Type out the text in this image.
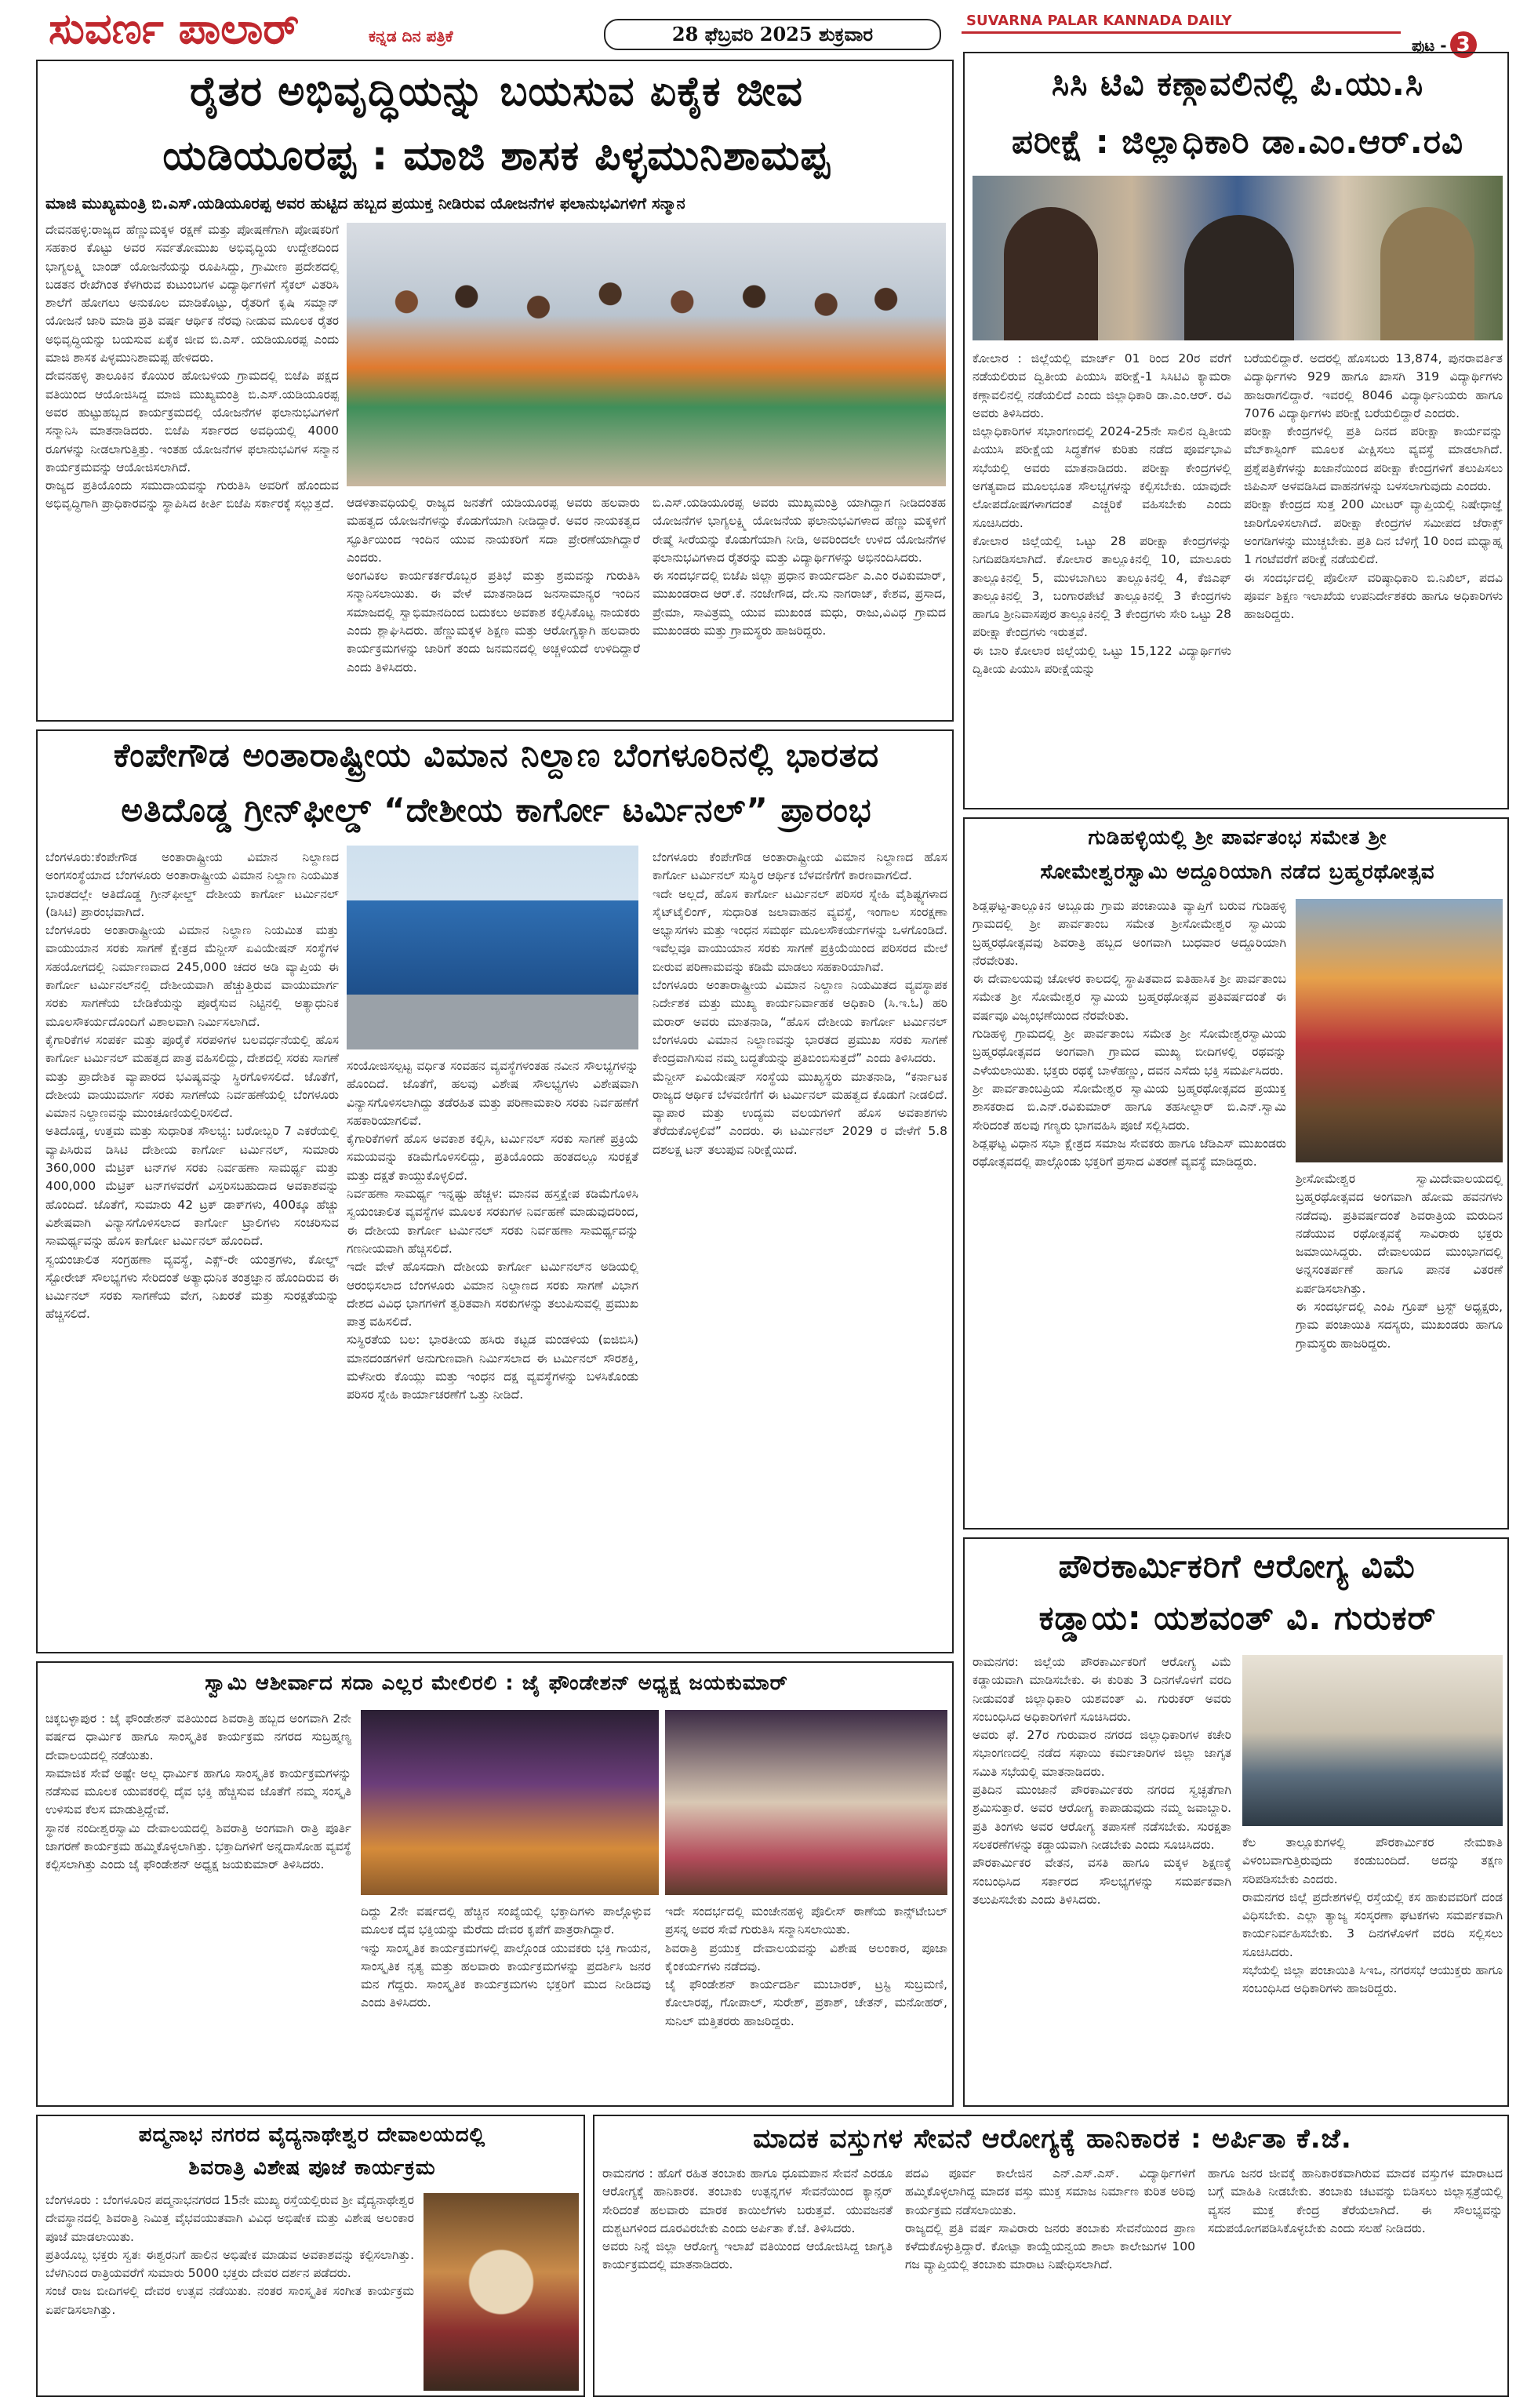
ಸುವರ್ಣ ಪಾಲಾರ್	ಕನ್ನಡ ದಿನ ಪತ್ರಿಕೆ	28 ಫೆಬ್ರವರಿ 2025 ಶುಕ್ರವಾರ
SUVARNA PALAR KANNADA DAILY
ಪುಟ - 3
ರೈತರ ಅಭಿವೃದ್ಧಿಯನ್ನು ಬಯಸುವ ಏಕೈಕ ಜೀವ
ಯಡಿಯೂರಪ್ಪ : ಮಾಜಿ ಶಾಸಕ ಪಿಳ್ಳಮುನಿಶಾಮಪ್ಪ
ಮಾಜಿ ಮುಖ್ಯಮಂತ್ರಿ ಬಿ.ಎಸ್.ಯಡಿಯೂರಪ್ಪ ಅವರ ಹುಟ್ಟಿದ ಹಬ್ಬದ ಪ್ರಯುಕ್ತ ನೀಡಿರುವ ಯೋಜನೆಗಳ ಫಲಾನುಭವಿಗಳಿಗೆ ಸನ್ಮಾನ
ದೇವನಹಳ್ಳಿ:ರಾಜ್ಯದ ಹೆಣ್ಣುಮಕ್ಕಳ ರಕ್ಷಣೆ ಮತ್ತು ಪೋಷಣೆಗಾಗಿ ಪೋಷಕರಿಗೆ ಸಹಕಾರ ಕೊಟ್ಟು ಅವರ ಸರ್ವತೋಮುಖ ಅಭಿವೃದ್ಧಿಯ ಉದ್ದೇಶದಿಂದ ಭಾಗ್ಯಲಕ್ಷ್ಮಿ ಬಾಂಡ್ ಯೋಜನೆಯನ್ನು ರೂಪಿಸಿದ್ದು, ಗ್ರಾಮೀಣ ಪ್ರದೇಶದಲ್ಲಿ ಬಡತನ ರೇಖೆಗಿಂತ ಕೆಳಗಿರುವ ಕುಟುಂಬಗಳ ವಿದ್ಯಾರ್ಥಿಗಳಿಗೆ ಸೈಕಲ್ ವಿತರಿಸಿ ಶಾಲೆಗೆ ಹೋಗಲು ಅನುಕೂಲ ಮಾಡಿಕೊಟ್ಟು, ರೈತರಿಗೆ ಕೃಷಿ ಸಮ್ಮಾನ್ ಯೋಜನೆ ಜಾರಿ ಮಾಡಿ ಪ್ರತಿ ವರ್ಷ ಆರ್ಥಿಕ ನೆರವು ನೀಡುವ ಮೂಲಕ ರೈತರ ಅಭಿವೃದ್ಧಿಯನ್ನು ಬಯಸುವ ಏಕೈಕ ಜೀವ ಬಿ.ಎಸ್. ಯಡಿಯೂರಪ್ಪ ಎಂದು ಮಾಜಿ ಶಾಸಕ ಪಿಳ್ಳಮುನಿಶಾಮಪ್ಪ ಹೇಳಿದರು.
ದೇವನಹಳ್ಳಿ ತಾಲೂಕಿನ ಕೊಯಿರ ಹೋಬಳಿಯ ಗ್ರಾಮದಲ್ಲಿ ಬಿಜೆಪಿ ಪಕ್ಷದ ವತಿಯಿಂದ ಆಯೋಜಿಸಿದ್ದ ಮಾಜಿ ಮುಖ್ಯಮಂತ್ರಿ ಬಿ.ಎಸ್.ಯಡಿಯೂರಪ್ಪ ಅವರ ಹುಟ್ಟುಹಬ್ಬದ ಕಾರ್ಯಕ್ರಮದಲ್ಲಿ ಯೋಜನೆಗಳ ಫಲಾನುಭವಿಗಳಿಗೆ ಸನ್ಮಾನಿಸಿ ಮಾತನಾಡಿದರು. ಬಿಜೆಪಿ ಸರ್ಕಾರದ ಅವಧಿಯಲ್ಲಿ 4000 ರೂಗಳನ್ನು ನೀಡಲಾಗುತ್ತಿತ್ತು. ಇಂತಹ ಯೋಜನೆಗಳ ಫಲಾನುಭವಿಗಳ ಸನ್ಮಾನ ಕಾರ್ಯಕ್ರಮವನ್ನು ಆಯೋಜಿಸಲಾಗಿದೆ.
ರಾಜ್ಯದ ಪ್ರತಿಯೊಂದು ಸಮುದಾಯವನ್ನು ಗುರುತಿಸಿ ಅವರಿಗೆ ಹೊಂದುವ ಅಭಿವೃದ್ಧಿಗಾಗಿ ಪ್ರಾಧಿಕಾರವನ್ನು ಸ್ಥಾಪಿಸಿದ ಕೀರ್ತಿ ಬಿಜೆಪಿ ಸರ್ಕಾರಕ್ಕೆ ಸಲ್ಲುತ್ತದೆ.	ಆಡಳಿತಾವಧಿಯಲ್ಲಿ ರಾಜ್ಯದ ಜನತೆಗೆ ಯಡಿಯೂರಪ್ಪ ಅವರು ಹಲವಾರು ಮಹತ್ವದ ಯೋಜನೆಗಳನ್ನು ಕೊಡುಗೆಯಾಗಿ ನೀಡಿದ್ದಾರೆ. ಅವರ ನಾಯಕತ್ವದ ಸ್ಫೂರ್ತಿಯಿಂದ ಇಂದಿನ ಯುವ ನಾಯಕರಿಗೆ ಸದಾ ಪ್ರೇರಣೆಯಾಗಿದ್ದಾರೆ ಎಂದರು.
ಅಂಗವಿಕಲ ಕಾರ್ಯಕರ್ತರೊಬ್ಬರ ಪ್ರತಿಭೆ ಮತ್ತು ಶ್ರಮವನ್ನು ಗುರುತಿಸಿ ಸನ್ಮಾನಿಸಲಾಯಿತು. ಈ ವೇಳೆ ಮಾತನಾಡಿದ ಜನಸಾಮಾನ್ಯರ ಇಂದಿನ ಸಮಾಜದಲ್ಲಿ ಸ್ವಾಭಿಮಾನದಿಂದ ಬದುಕಲು ಅವಕಾಶ ಕಲ್ಪಿಸಿಕೊಟ್ಟ ನಾಯಕರು ಎಂದು ಶ್ಲಾಘಿಸಿದರು. ಹೆಣ್ಣುಮಕ್ಕಳ ಶಿಕ್ಷಣ ಮತ್ತು ಆರೋಗ್ಯಕ್ಕಾಗಿ ಹಲವಾರು ಕಾರ್ಯಕ್ರಮಗಳನ್ನು ಜಾರಿಗೆ ತಂದು ಜನಮನದಲ್ಲಿ ಅಚ್ಚಳಿಯದೆ ಉಳಿದಿದ್ದಾರೆ ಎಂದು ತಿಳಿಸಿದರು.
ಬಿ.ಎಸ್.ಯಡಿಯೂರಪ್ಪ ಅವರು ಮುಖ್ಯಮಂತ್ರಿ ಯಾಗಿದ್ದಾಗ ನೀಡಿದಂತಹ ಯೋಜನೆಗಳ ಭಾಗ್ಯಲಕ್ಷ್ಮಿ ಯೋಜನೆಯ ಫಲಾನುಭವಿಗಳಾದ ಹೆಣ್ಣು ಮಕ್ಕಳಿಗೆ ರೇಷ್ಮೆ ಸೀರೆಯನ್ನು ಕೊಡುಗೆಯಾಗಿ ನೀಡಿ, ಅವರಿಂದಲೇ ಉಳಿದ ಯೋಜನೆಗಳ ಫಲಾನುಭವಿಗಳಾದ ರೈತರನ್ನು ಮತ್ತು ವಿದ್ಯಾರ್ಥಿಗಳನ್ನು ಅಭಿನಂದಿಸಿದರು.
ಈ ಸಂದರ್ಭದಲ್ಲಿ ಬಿಜೆಪಿ ಜಿಲ್ಲಾ ಪ್ರಧಾನ ಕಾರ್ಯದರ್ಶಿ ಎ.ಎಂ ರವಿಕುಮಾರ್, ಮುಖಂಡರಾದ ಆರ್.ಕೆ. ನಂಜೇಗೌಡ, ದೇ.ಸು ನಾಗರಾಜ್, ಕೇಶವ, ಪ್ರಸಾದ, ಪ್ರೇಮಾ, ಸಾವಿತ್ರಮ್ಮ ಯುವ ಮುಖಂಡ ಮಧು, ರಾಜು,ವಿವಿಧ ಗ್ರಾಮದ ಮುಖಂಡರು ಮತ್ತು ಗ್ರಾಮಸ್ಥರು ಹಾಜರಿದ್ದರು.
ಸಿಸಿ ಟಿವಿ ಕಣ್ಗಾವಲಿನಲ್ಲಿ ಪಿ.ಯು.ಸಿ
ಪರೀಕ್ಷೆ : ಜಿಲ್ಲಾಧಿಕಾರಿ ಡಾ.ಎಂ.ಆರ್.ರವಿ
ಕೋಲಾರ : ಜಿಲ್ಲೆಯಲ್ಲಿ ಮಾರ್ಚ್ 01 ರಿಂದ 20ರ ವರೆಗೆ ನಡೆಯಲಿರುವ ದ್ವಿತೀಯ ಪಿಯುಸಿ ಪರೀಕ್ಷೆ-1 ಸಿಸಿಟಿವಿ ಕ್ಯಾಮರಾ ಕಣ್ಗಾವಲಿನಲ್ಲಿ ನಡೆಯಲಿದೆ ಎಂದು ಜಿಲ್ಲಾಧಿಕಾರಿ ಡಾ.ಎಂ.ಆರ್. ರವಿ ಅವರು ತಿಳಿಸಿದರು.
ಜಿಲ್ಲಾಧಿಕಾರಿಗಳ ಸಭಾಂಗಣದಲ್ಲಿ 2024-25ನೇ ಸಾಲಿನ ದ್ವಿತೀಯ ಪಿಯುಸಿ ಪರೀಕ್ಷೆಯ ಸಿದ್ಧತೆಗಳ ಕುರಿತು ನಡೆದ ಪೂರ್ವಭಾವಿ ಸಭೆಯಲ್ಲಿ ಅವರು ಮಾತನಾಡಿದರು. ಪರೀಕ್ಷಾ ಕೇಂದ್ರಗಳಲ್ಲಿ ಅಗತ್ಯವಾದ ಮೂಲಭೂತ ಸೌಲಭ್ಯಗಳನ್ನು ಕಲ್ಪಿಸಬೇಕು. ಯಾವುದೇ ಲೋಪದೋಷಗಳಾಗದಂತೆ ಎಚ್ಚರಿಕೆ ವಹಿಸಬೇಕು ಎಂದು ಸೂಚಿಸಿದರು.
ಕೋಲಾರ ಜಿಲ್ಲೆಯಲ್ಲಿ ಒಟ್ಟು 28 ಪರೀಕ್ಷಾ ಕೇಂದ್ರಗಳನ್ನು ನಿಗದಿಪಡಿಸಲಾಗಿದೆ. ಕೋಲಾರ ತಾಲ್ಲೂಕಿನಲ್ಲಿ 10, ಮಾಲೂರು ತಾಲ್ಲೂಕಿನಲ್ಲಿ 5, ಮುಳಬಾಗಿಲು ತಾಲ್ಲೂಕಿನಲ್ಲಿ 4, ಕೆಜಿಎಫ್ ತಾಲ್ಲೂಕಿನಲ್ಲಿ 3, ಬಂಗಾರಪೇಟೆ ತಾಲ್ಲೂಕಿನಲ್ಲಿ 3 ಕೇಂದ್ರಗಳು ಹಾಗೂ ಶ್ರೀನಿವಾಸಪುರ ತಾಲ್ಲೂಕಿನಲ್ಲಿ 3 ಕೇಂದ್ರಗಳು ಸೇರಿ ಒಟ್ಟು 28 ಪರೀಕ್ಷಾ ಕೇಂದ್ರಗಳು ಇರುತ್ತವೆ.
ಈ ಬಾರಿ ಕೋಲಾರ ಜಿಲ್ಲೆಯಲ್ಲಿ ಒಟ್ಟು 15,122 ವಿದ್ಯಾರ್ಥಿಗಳು ದ್ವಿತೀಯ ಪಿಯುಸಿ ಪರೀಕ್ಷೆಯನ್ನು
ಬರೆಯಲಿದ್ದಾರೆ. ಅದರಲ್ಲಿ ಹೊಸಬರು 13,874, ಪುನರಾವರ್ತಿತ ವಿದ್ಯಾರ್ಥಿಗಳು 929 ಹಾಗೂ ಖಾಸಗಿ 319 ವಿದ್ಯಾರ್ಥಿಗಳು ಹಾಜರಾಗಲಿದ್ದಾರೆ. ಇವರಲ್ಲಿ 8046 ವಿದ್ಯಾರ್ಥಿನಿಯರು ಹಾಗೂ 7076 ವಿದ್ಯಾರ್ಥಿಗಳು ಪರೀಕ್ಷೆ ಬರೆಯಲಿದ್ದಾರೆ ಎಂದರು.
ಪರೀಕ್ಷಾ ಕೇಂದ್ರಗಳಲ್ಲಿ ಪ್ರತಿ ದಿನದ ಪರೀಕ್ಷಾ ಕಾರ್ಯವನ್ನು ವೆಬ್‌ಕಾಸ್ಟಿಂಗ್ ಮೂಲಕ ವೀಕ್ಷಿಸಲು ವ್ಯವಸ್ಥೆ ಮಾಡಲಾಗಿದೆ. ಪ್ರಶ್ನೆಪತ್ರಿಕೆಗಳನ್ನು ಖಜಾನೆಯಿಂದ ಪರೀಕ್ಷಾ ಕೇಂದ್ರಗಳಿಗೆ ತಲುಪಿಸಲು ಜಿಪಿಎಸ್ ಅಳವಡಿಸಿದ ವಾಹನಗಳನ್ನು ಬಳಸಲಾಗುವುದು ಎಂದರು.
ಪರೀಕ್ಷಾ ಕೇಂದ್ರದ ಸುತ್ತ 200 ಮೀಟರ್ ವ್ಯಾಪ್ತಿಯಲ್ಲಿ ನಿಷೇಧಾಜ್ಞೆ ಜಾರಿಗೊಳಿಸಲಾಗಿದೆ. ಪರೀಕ್ಷಾ ಕೇಂದ್ರಗಳ ಸಮೀಪದ ಜೆರಾಕ್ಸ್ ಅಂಗಡಿಗಳನ್ನು ಮುಚ್ಚಬೇಕು. ಪ್ರತಿ ದಿನ ಬೆಳಿಗ್ಗೆ 10 ರಿಂದ ಮಧ್ಯಾಹ್ನ 1 ಗಂಟೆವರೆಗೆ ಪರೀಕ್ಷೆ ನಡೆಯಲಿದೆ.
ಈ ಸಂದರ್ಭದಲ್ಲಿ ಪೊಲೀಸ್ ವರಿಷ್ಠಾಧಿಕಾರಿ ಬಿ.ನಿಖಿಲ್, ಪದವಿ ಪೂರ್ವ ಶಿಕ್ಷಣ ಇಲಾಖೆಯ ಉಪನಿರ್ದೇಶಕರು ಹಾಗೂ ಅಧಿಕಾರಿಗಳು ಹಾಜರಿದ್ದರು.
ಕೆಂಪೇಗೌಡ ಅಂತಾರಾಷ್ಟ್ರೀಯ ವಿಮಾನ ನಿಲ್ದಾಣ ಬೆಂಗಳೂರಿನಲ್ಲಿ ಭಾರತದ
ಅತಿದೊಡ್ಡ ಗ್ರೀನ್‌ಫೀಲ್ಡ್ “ದೇಶೀಯ ಕಾರ್ಗೋ ಟರ್ಮಿನಲ್” ಪ್ರಾರಂಭ
ಬೆಂಗಳೂರು:ಕೆಂಪೇಗೌಡ ಅಂತಾರಾಷ್ಟ್ರೀಯ ವಿಮಾನ ನಿಲ್ದಾಣದ ಅಂಗಸಂಸ್ಥೆಯಾದ ಬೆಂಗಳೂರು ಅಂತಾರಾಷ್ಟ್ರೀಯ ವಿಮಾನ ನಿಲ್ದಾಣ ನಿಯಮಿತ ಭಾರತದಲ್ಲೇ ಅತಿದೊಡ್ಡ ಗ್ರೀನ್‌ಫೀಲ್ಡ್ ದೇಶೀಯ ಕಾರ್ಗೋ ಟರ್ಮಿನಲ್ (ಡಿಸಿಟಿ) ಪ್ರಾರಂಭವಾಗಿದೆ.
ಬೆಂಗಳೂರು ಅಂತಾರಾಷ್ಟ್ರೀಯ ವಿಮಾನ ನಿಲ್ದಾಣ ನಿಯಮಿತ ಮತ್ತು ವಾಯುಯಾನ ಸರಕು ಸಾಗಣೆ ಕ್ಷೇತ್ರದ ಮೆನ್ಜೀಸ್ ಏವಿಯೇಷನ್ ಸಂಸ್ಥೆಗಳ ಸಹಯೋಗದಲ್ಲಿ ನಿರ್ಮಾಣವಾದ 245,000 ಚದರ ಅಡಿ ವ್ಯಾಪ್ತಿಯ ಈ ಕಾರ್ಗೋ ಟರ್ಮಿನಲ್‌ನಲ್ಲಿ ದೇಶೀಯವಾಗಿ ಹೆಚ್ಚುತ್ತಿರುವ ವಾಯುಮಾರ್ಗ ಸರಕು ಸಾಗಣೆಯ ಬೇಡಿಕೆಯನ್ನು ಪೂರೈಸುವ ನಿಟ್ಟಿನಲ್ಲಿ ಅತ್ಯಾಧುನಿಕ ಮೂಲಸೌಕರ್ಯದೊಂದಿಗೆ ವಿಶಾಲವಾಗಿ ನಿರ್ಮಿಸಲಾಗಿದೆ.
ಕೈಗಾರಿಕೆಗಳ ಸಂಪರ್ಕ ಮತ್ತು ಪೂರೈಕೆ ಸರಪಳಿಗಳ ಬಲವರ್ಧನೆಯಲ್ಲಿ ಹೊಸ ಕಾರ್ಗೋ ಟರ್ಮಿನಲ್ ಮಹತ್ವದ ಪಾತ್ರ ವಹಿಸಲಿದ್ದು, ದೇಶದಲ್ಲಿ ಸರಕು ಸಾಗಣೆ ಮತ್ತು ಪ್ರಾದೇಶಿಕ ವ್ಯಾಪಾರದ ಭವಿಷ್ಯವನ್ನು ಸ್ಥಿರಗೊಳಿಸಲಿದೆ. ಜೊತೆಗೆ, ದೇಶೀಯ ವಾಯುಮಾರ್ಗ ಸರಕು ಸಾಗಣೆಯ ನಿರ್ವಹಣೆಯಲ್ಲಿ ಬೆಂಗಳೂರು ವಿಮಾನ ನಿಲ್ದಾಣವನ್ನು ಮುಂಚೂಣಿಯಲ್ಲಿರಿಸಲಿದೆ.
ಅತಿದೊಡ್ಡ, ಉತ್ತಮ ಮತ್ತು ಸುಧಾರಿತ ಸೌಲಭ್ಯ: ಬರೋಬ್ಬರಿ 7 ಎಕರೆಯಲ್ಲಿ ವ್ಯಾಪಿಸಿರುವ ಡಿಸಿಟಿ ದೇಶೀಯ ಕಾರ್ಗೋ ಟರ್ಮಿನಲ್, ಸುಮಾರು 360,000 ಮೆಟ್ರಿಕ್ ಟನ್‌ಗಳ ಸರಕು ನಿರ್ವಹಣಾ ಸಾಮರ್ಥ್ಯ ಮತ್ತು 400,000 ಮೆಟ್ರಿಕ್ ಟನ್‌ಗಳವರೆಗೆ ವಿಸ್ತರಿಸಬಹುದಾದ ಅವಕಾಶವನ್ನು ಹೊಂದಿದೆ. ಜೊತೆಗೆ, ಸುಮಾರು 42 ಟ್ರಕ್ ಡಾಕ್‌ಗಳು, 400ಕ್ಕೂ ಹೆಚ್ಚು ವಿಶೇಷವಾಗಿ ವಿನ್ಯಾಸಗೊಳಿಸಲಾದ ಕಾರ್ಗೋ ಟ್ರಾಲಿಗಳು ಸಂಚರಿಸುವ ಸಾಮರ್ಥ್ಯವನ್ನು ಹೊಸ ಕಾರ್ಗೋ ಟರ್ಮಿನಲ್ ಹೊಂದಿದೆ.
ಸ್ವಯಂಚಾಲಿತ ಸಂಗ್ರಹಣಾ ವ್ಯವಸ್ಥೆ, ಎಕ್ಸ್‌-ರೇ ಯಂತ್ರಗಳು, ಕೋಲ್ಡ್ ಸ್ಟೋರೇಜ್ ಸೌಲಭ್ಯಗಳು ಸೇರಿದಂತೆ ಅತ್ಯಾಧುನಿಕ ತಂತ್ರಜ್ಞಾನ ಹೊಂದಿರುವ ಈ ಟರ್ಮಿನಲ್ ಸರಕು ಸಾಗಣೆಯ ವೇಗ, ನಿಖರತೆ ಮತ್ತು ಸುರಕ್ಷತೆಯನ್ನು ಹೆಚ್ಚಿಸಲಿದೆ.
ಸಂಯೋಜಿಸಲ್ಪಟ್ಟ ವರ್ಧಿತ ಸಂವಹನ ವ್ಯವಸ್ಥೆಗಳಂತಹ ನವೀನ ಸೌಲಭ್ಯಗಳನ್ನು ಹೊಂದಿದೆ. ಜೊತೆಗೆ, ಹಲವು ವಿಶೇಷ ಸೌಲಭ್ಯಗಳು ವಿಶೇಷವಾಗಿ ವಿನ್ಯಾಸಗೊಳಿಸಲಾಗಿದ್ದು ತಡೆರಹಿತ ಮತ್ತು ಪರಿಣಾಮಕಾರಿ ಸರಕು ನಿರ್ವಹಣೆಗೆ ಸಹಕಾರಿಯಾಗಲಿವೆ.
ಕೈಗಾರಿಕೆಗಳಿಗೆ ಹೊಸ ಅವಕಾಶ ಕಲ್ಪಿಸಿ, ಟರ್ಮಿನಲ್ ಸರಕು ಸಾಗಣೆ ಪ್ರಕ್ರಿಯೆ ಸಮಯವನ್ನು ಕಡಿಮೆಗೊಳಿಸಲಿದ್ದು, ಪ್ರತಿಯೊಂದು ಹಂತದಲ್ಲೂ ಸುರಕ್ಷತೆ ಮತ್ತು ದಕ್ಷತೆ ಕಾಯ್ದುಕೊಳ್ಳಲಿದೆ.
ನಿರ್ವಹಣಾ ಸಾಮರ್ಥ್ಯ ಇನ್ನಷ್ಟು ಹೆಚ್ಚಳ: ಮಾನವ ಹಸ್ತಕ್ಷೇಪ ಕಡಿಮೆಗೊಳಿಸಿ ಸ್ವಯಂಚಾಲಿತ ವ್ಯವಸ್ಥೆಗಳ ಮೂಲಕ ಸರಕುಗಳ ನಿರ್ವಹಣೆ ಮಾಡುವುದರಿಂದ, ಈ ದೇಶೀಯ ಕಾರ್ಗೋ ಟರ್ಮಿನಲ್ ಸರಕು ನಿರ್ವಹಣಾ ಸಾಮರ್ಥ್ಯವನ್ನು ಗಣನೀಯವಾಗಿ ಹೆಚ್ಚಿಸಲಿದೆ.
ಇದೇ ವೇಳೆ ಹೊಸದಾಗಿ ದೇಶೀಯ ಕಾರ್ಗೋ ಟರ್ಮಿನಲ್‌ನ ಅಡಿಯಲ್ಲಿ ಆರಂಭಿಸಲಾದ ಬೆಂಗಳೂರು ವಿಮಾನ ನಿಲ್ದಾಣದ ಸರಕು ಸಾಗಣೆ ವಿಭಾಗ ದೇಶದ ವಿವಿಧ ಭಾಗಗಳಿಗೆ ತ್ವರಿತವಾಗಿ ಸರಕುಗಳನ್ನು ತಲುಪಿಸುವಲ್ಲಿ ಪ್ರಮುಖ ಪಾತ್ರ ವಹಿಸಲಿದೆ.
ಸುಸ್ಥಿರತೆಯ ಬಲ: ಭಾರತೀಯ ಹಸಿರು ಕಟ್ಟಡ ಮಂಡಳಿಯ (ಐಜಿಬಿಸಿ) ಮಾನದಂಡಗಳಿಗೆ ಅನುಗುಣವಾಗಿ ನಿರ್ಮಿಸಲಾದ ಈ ಟರ್ಮಿನಲ್ ಸೌರಶಕ್ತಿ, ಮಳೆನೀರು ಕೊಯ್ಲು ಮತ್ತು ಇಂಧನ ದಕ್ಷ ವ್ಯವಸ್ಥೆಗಳನ್ನು ಬಳಸಿಕೊಂಡು ಪರಿಸರ ಸ್ನೇಹಿ ಕಾರ್ಯಾಚರಣೆಗೆ ಒತ್ತು ನೀಡಿದೆ.
ಬೆಂಗಳೂರು ಕೆಂಪೇಗೌಡ ಅಂತಾರಾಷ್ಟ್ರೀಯ ವಿಮಾನ ನಿಲ್ದಾಣದ ಹೊಸ ಕಾರ್ಗೋ ಟರ್ಮಿನಲ್ ಸುಸ್ಥಿರ ಆರ್ಥಿಕ ಬೆಳವಣಿಗೆಗೆ ಕಾರಣವಾಗಲಿದೆ.
ಇದೇ ಅಲ್ಲದೆ, ಹೊಸ ಕಾರ್ಗೋ ಟರ್ಮಿನಲ್ ಪರಿಸರ ಸ್ನೇಹಿ ವೈಶಿಷ್ಟ್ಯಗಳಾದ ಸೈಟ್‌ಟೈಲಿಂಗ್, ಸುಧಾರಿತ ಜಲಾವಾಹನ ವ್ಯವಸ್ಥೆ, ಇಂಗಾಲ ಸಂರಕ್ಷಣಾ ಅಭ್ಯಾಸಗಳು ಮತ್ತು ಇಂಧನ ಸಮರ್ಥ ಮೂಲಸೌಕರ್ಯಗಳನ್ನು ಒಳಗೊಂಡಿದೆ. ಇವೆಲ್ಲವೂ ವಾಯುಯಾನ ಸರಕು ಸಾಗಣೆ ಪ್ರಕ್ರಿಯೆಯಿಂದ ಪರಿಸರದ ಮೇಲೆ ಬೀರುವ ಪರಿಣಾಮವನ್ನು ಕಡಿಮೆ ಮಾಡಲು ಸಹಕಾರಿಯಾಗಿವೆ.
ಬೆಂಗಳೂರು ಅಂತಾರಾಷ್ಟ್ರೀಯ ವಿಮಾನ ನಿಲ್ದಾಣ ನಿಯಮಿತದ ವ್ಯವಸ್ಥಾಪಕ ನಿರ್ದೇಶಕ ಮತ್ತು ಮುಖ್ಯ ಕಾರ್ಯನಿರ್ವಾಹಕ ಅಧಿಕಾರಿ (ಸಿ.ಇ.ಓ) ಹರಿ ಮರಾರ್ ಅವರು ಮಾತನಾಡಿ, “ಹೊಸ ದೇಶೀಯ ಕಾರ್ಗೋ ಟರ್ಮಿನಲ್ ಬೆಂಗಳೂರು ವಿಮಾನ ನಿಲ್ದಾಣವನ್ನು ಭಾರತದ ಪ್ರಮುಖ ಸರಕು ಸಾಗಣೆ ಕೇಂದ್ರವಾಗಿಸುವ ನಮ್ಮ ಬದ್ಧತೆಯನ್ನು ಪ್ರತಿಬಿಂಬಿಸುತ್ತದೆ” ಎಂದು ತಿಳಿಸಿದರು.
ಮೆನ್ಜೀಸ್ ಏವಿಯೇಷನ್ ಸಂಸ್ಥೆಯ ಮುಖ್ಯಸ್ಥರು ಮಾತನಾಡಿ, “ಕರ್ನಾಟಕ ರಾಜ್ಯದ ಆರ್ಥಿಕ ಬೆಳವಣಿಗೆಗೆ ಈ ಟರ್ಮಿನಲ್ ಮಹತ್ವದ ಕೊಡುಗೆ ನೀಡಲಿದೆ. ವ್ಯಾಪಾರ ಮತ್ತು ಉದ್ಯಮ ವಲಯಗಳಿಗೆ ಹೊಸ ಅವಕಾಶಗಳು ತೆರೆದುಕೊಳ್ಳಲಿವೆ” ಎಂದರು. ಈ ಟರ್ಮಿನಲ್ 2029 ರ ವೇಳೆಗೆ 5.8 ದಶಲಕ್ಷ ಟನ್ ತಲುಪುವ ನಿರೀಕ್ಷೆಯಿದೆ.
ಗುಡಿಹಳ್ಳಿಯಲ್ಲಿ ಶ್ರೀ ಪಾರ್ವತಂಭ ಸಮೇತ ಶ್ರೀ
ಸೋಮೇಶ್ವರಸ್ವಾಮಿ ಅದ್ದೂರಿಯಾಗಿ ನಡೆದ ಬ್ರಹ್ಮರಥೋತ್ಸವ
ಶಿಡ್ಲಘಟ್ಟ-ತಾಲ್ಲೂಕಿನ ಅಬ್ಲೂಡು ಗ್ರಾಮ ಪಂಚಾಯಿತಿ ವ್ಯಾಪ್ತಿಗೆ ಬರುವ ಗುಡಿಹಳ್ಳಿ ಗ್ರಾಮದಲ್ಲಿ ಶ್ರೀ ಪಾರ್ವತಾಂಬ ಸಮೇತ ಶ್ರೀಸೋಮೇಶ್ವರ ಸ್ವಾಮಿಯ ಬ್ರಹ್ಮರಥೋತ್ಸವವು ಶಿವರಾತ್ರಿ ಹಬ್ಬದ ಅಂಗವಾಗಿ ಬುಧವಾರ ಅದ್ದೂರಿಯಾಗಿ ನೆರವೇರಿತು.
ಈ ದೇವಾಲಯವು ಚೋಳರ ಕಾಲದಲ್ಲಿ ಸ್ಥಾಪಿತವಾದ ಐತಿಹಾಸಿಕ ಶ್ರೀ ಪಾರ್ವತಾಂಬ ಸಮೇತ ಶ್ರೀ ಸೋಮೇಶ್ವರ ಸ್ವಾಮಿಯ ಬ್ರಹ್ಮರಥೋತ್ಸವ ಪ್ರತಿವರ್ಷದಂತೆ ಈ ವರ್ಷವೂ ವಿಜೃಂಭಣೆಯಿಂದ ನೆರವೇರಿತು.
ಗುಡಿಹಳ್ಳಿ ಗ್ರಾಮದಲ್ಲಿ ಶ್ರೀ ಪಾರ್ವತಾಂಬ ಸಮೇತ ಶ್ರೀ ಸೋಮೇಶ್ವರಸ್ವಾಮಿಯ ಬ್ರಹ್ಮರಥೋತ್ಸವದ ಅಂಗವಾಗಿ ಗ್ರಾಮದ ಮುಖ್ಯ ಬೀದಿಗಳಲ್ಲಿ ರಥವನ್ನು ಎಳೆಯಲಾಯಿತು. ಭಕ್ತರು ರಥಕ್ಕೆ ಬಾಳೆಹಣ್ಣು, ದವನ ಎಸೆದು ಭಕ್ತಿ ಸಮರ್ಪಿಸಿದರು.
ಶ್ರೀ ಪಾರ್ವತಾಂಬಪ್ರಿಯ ಸೋಮೇಶ್ವರ ಸ್ವಾಮಿಯ ಬ್ರಹ್ಮರಥೋತ್ಸವದ ಪ್ರಯುಕ್ತ ಶಾಸಕರಾದ ಬಿ.ಎನ್.ರವಿಕುಮಾರ್ ಹಾಗೂ ತಹಸೀಲ್ದಾರ್ ಬಿ.ಎನ್.ಸ್ವಾಮಿ ಸೇರಿದಂತೆ ಹಲವು ಗಣ್ಯರು ಭಾಗವಹಿಸಿ ಪೂಜೆ ಸಲ್ಲಿಸಿದರು.
ಶಿಡ್ಲಘಟ್ಟ ವಿಧಾನ ಸಭಾ ಕ್ಷೇತ್ರದ ಸಮಾಜ ಸೇವಕರು ಹಾಗೂ ಜೆಡಿಎಸ್ ಮುಖಂಡರು ರಥೋತ್ಸವದಲ್ಲಿ ಪಾಲ್ಗೊಂಡು ಭಕ್ತರಿಗೆ ಪ್ರಸಾದ ವಿತರಣೆ ವ್ಯವಸ್ಥೆ ಮಾಡಿದ್ದರು.
ಶ್ರೀಸೋಮೇಶ್ವರ ಸ್ವಾಮಿದೇವಾಲಯದಲ್ಲಿ ಬ್ರಹ್ಮರಥೋತ್ಸವದ ಅಂಗವಾಗಿ ಹೋಮ ಹವನಗಳು ನಡೆದವು. ಪ್ರತಿವರ್ಷದಂತೆ ಶಿವರಾತ್ರಿಯ ಮರುದಿನ ನಡೆಯುವ ರಥೋತ್ಸವಕ್ಕೆ ಸಾವಿರಾರು ಭಕ್ತರು ಜಮಾಯಿಸಿದ್ದರು. ದೇವಾಲಯದ ಮುಂಭಾಗದಲ್ಲಿ ಅನ್ನಸಂತರ್ಪಣೆ ಹಾಗೂ ಪಾನಕ ವಿತರಣೆ ಏರ್ಪಡಿಸಲಾಗಿತ್ತು.
ಈ ಸಂದರ್ಭದಲ್ಲಿ ಎಂಪಿ ಗ್ರೂಪ್ ಟ್ರಸ್ಟ್ ಅಧ್ಯಕ್ಷರು, ಗ್ರಾಮ ಪಂಚಾಯಿತಿ ಸದಸ್ಯರು, ಮುಖಂಡರು ಹಾಗೂ ಗ್ರಾಮಸ್ಥರು ಹಾಜರಿದ್ದರು.
ಪೌರಕಾರ್ಮಿಕರಿಗೆ ಆರೋಗ್ಯ ವಿಮೆ
ಕಡ್ಡಾಯ: ಯಶವಂತ್ ವಿ. ಗುರುಕರ್
ರಾಮನಗರ: ಜಿಲ್ಲೆಯ ಪೌರಕಾರ್ಮಿಕರಿಗೆ ಆರೋಗ್ಯ ವಿಮೆ ಕಡ್ಡಾಯವಾಗಿ ಮಾಡಿಸಬೇಕು. ಈ ಕುರಿತು 3 ದಿನಗಳೊಳಗೆ ವರದಿ ನೀಡುವಂತೆ ಜಿಲ್ಲಾಧಿಕಾರಿ ಯಶವಂತ್ ವಿ. ಗುರುಕರ್ ಅವರು ಸಂಬಂಧಿಸಿದ ಅಧಿಕಾರಿಗಳಿಗೆ ಸೂಚಿಸಿದರು.
ಅವರು ಫೆ. 27ರ ಗುರುವಾರ ನಗರದ ಜಿಲ್ಲಾಧಿಕಾರಿಗಳ ಕಚೇರಿ ಸಭಾಂಗಣದಲ್ಲಿ ನಡೆದ ಸಫಾಯಿ ಕರ್ಮಚಾರಿಗಳ ಜಿಲ್ಲಾ ಜಾಗೃತ ಸಮಿತಿ ಸಭೆಯಲ್ಲಿ ಮಾತನಾಡಿದರು.
ಪ್ರತಿದಿನ ಮುಂಜಾನೆ ಪೌರಕಾರ್ಮಿಕರು ನಗರದ ಸ್ವಚ್ಛತೆಗಾಗಿ ಶ್ರಮಿಸುತ್ತಾರೆ. ಅವರ ಆರೋಗ್ಯ ಕಾಪಾಡುವುದು ನಮ್ಮ ಜವಾಬ್ದಾರಿ. ಪ್ರತಿ ತಿಂಗಳು ಅವರ ಆರೋಗ್ಯ ತಪಾಸಣೆ ನಡೆಸಬೇಕು. ಸುರಕ್ಷತಾ ಸಲಕರಣೆಗಳನ್ನು ಕಡ್ಡಾಯವಾಗಿ ನೀಡಬೇಕು ಎಂದು ಸೂಚಿಸಿದರು.
ಪೌರಕಾರ್ಮಿಕರ ವೇತನ, ವಸತಿ ಹಾಗೂ ಮಕ್ಕಳ ಶಿಕ್ಷಣಕ್ಕೆ ಸಂಬಂಧಿಸಿದ ಸರ್ಕಾರದ ಸೌಲಭ್ಯಗಳನ್ನು ಸಮರ್ಪಕವಾಗಿ ತಲುಪಿಸಬೇಕು ಎಂದು ತಿಳಿಸಿದರು.
ಕೆಲ ತಾಲ್ಲೂಕುಗಳಲ್ಲಿ ಪೌರಕಾರ್ಮಿಕರ ನೇಮಕಾತಿ ವಿಳಂಬವಾಗುತ್ತಿರುವುದು ಕಂಡುಬಂದಿದೆ. ಅದನ್ನು ತಕ್ಷಣ ಸರಿಪಡಿಸಬೇಕು ಎಂದರು.
ರಾಮನಗರ ಜಿಲ್ಲೆ ಪ್ರದೇಶಗಳಲ್ಲಿ ರಸ್ತೆಯಲ್ಲಿ ಕಸ ಹಾಕುವವರಿಗೆ ದಂಡ ವಿಧಿಸಬೇಕು. ಎಲ್ಲಾ ತ್ಯಾಜ್ಯ ಸಂಸ್ಕರಣಾ ಘಟಕಗಳು ಸಮರ್ಪಕವಾಗಿ ಕಾರ್ಯನಿರ್ವಹಿಸಬೇಕು. 3 ದಿನಗಳೊಳಗೆ ವರದಿ ಸಲ್ಲಿಸಲು ಸೂಚಿಸಿದರು.
ಸಭೆಯಲ್ಲಿ ಜಿಲ್ಲಾ ಪಂಚಾಯಿತಿ ಸಿಇಒ, ನಗರಸಭೆ ಆಯುಕ್ತರು ಹಾಗೂ ಸಂಬಂಧಿಸಿದ ಅಧಿಕಾರಿಗಳು ಹಾಜರಿದ್ದರು.
ಸ್ವಾಮಿ ಆಶೀರ್ವಾದ ಸದಾ ಎಲ್ಲರ ಮೇಲಿರಲಿ : ಜೈ ಫೌಂಡೇಶನ್ ಅಧ್ಯಕ್ಷ ಜಯಕುಮಾರ್
ಚಿಕ್ಕಬಳ್ಳಾಪುರ : ಜೈ ಫೌಂಡೇಶನ್ ವತಿಯಿಂದ ಶಿವರಾತ್ರಿ ಹಬ್ಬದ ಅಂಗವಾಗಿ 2ನೇ ವರ್ಷದ ಧಾರ್ಮಿಕ ಹಾಗೂ ಸಾಂಸ್ಕೃತಿಕ ಕಾರ್ಯಕ್ರಮ ನಗರದ ಸುಬ್ರಹ್ಮಣ್ಯ ದೇವಾಲಯದಲ್ಲಿ ನಡೆಯಿತು.
ಸಾಮಾಜಿಕ ಸೇವೆ ಅಷ್ಟೇ ಅಲ್ಲ ಧಾರ್ಮಿಕ ಹಾಗೂ ಸಾಂಸ್ಕೃತಿಕ ಕಾರ್ಯಕ್ರಮಗಳನ್ನು ನಡೆಸುವ ಮೂಲಕ ಯುವಕರಲ್ಲಿ ದೈವ ಭಕ್ತಿ ಹೆಚ್ಚಿಸುವ ಜೊತೆಗೆ ನಮ್ಮ ಸಂಸ್ಕೃತಿ ಉಳಿಸುವ ಕೆಲಸ ಮಾಡುತ್ತಿದ್ದೇವೆ.
ಸ್ಥಾನಕ ನಂದೀಶ್ವರಸ್ವಾಮಿ ದೇವಾಲಯದಲ್ಲಿ ಶಿವರಾತ್ರಿ ಅಂಗವಾಗಿ ರಾತ್ರಿ ಪೂರ್ತಿ ಜಾಗರಣೆ ಕಾರ್ಯಕ್ರಮ ಹಮ್ಮಿಕೊಳ್ಳಲಾಗಿತ್ತು. ಭಕ್ತಾದಿಗಳಿಗೆ ಅನ್ನದಾಸೋಹ ವ್ಯವಸ್ಥೆ ಕಲ್ಪಿಸಲಾಗಿತ್ತು ಎಂದು ಜೈ ಫೌಂಡೇಶನ್ ಅಧ್ಯಕ್ಷ ಜಯಕುಮಾರ್ ತಿಳಿಸಿದರು.
ದಿದ್ದು 2ನೇ ವರ್ಷದಲ್ಲಿ ಹೆಚ್ಚಿನ ಸಂಖ್ಯೆಯಲ್ಲಿ ಭಕ್ತಾದಿಗಳು ಪಾಲ್ಗೊಳ್ಳುವ ಮೂಲಕ ದೈವ ಭಕ್ತಿಯನ್ನು ಮೆರೆದು ದೇವರ ಕೃಪೆಗೆ ಪಾತ್ರರಾಗಿದ್ದಾರೆ.
ಇನ್ನು ಸಾಂಸ್ಕೃತಿಕ ಕಾರ್ಯಕ್ರಮಗಳಲ್ಲಿ ಪಾಲ್ಗೊಂಡ ಯುವಕರು ಭಕ್ತಿ ಗಾಯನ, ಸಾಂಸ್ಕೃತಿಕ ನೃತ್ಯ ಮತ್ತು ಹಲವಾರು ಕಾರ್ಯಕ್ರಮಗಳನ್ನು ಪ್ರದರ್ಶಿಸಿ ಜನರ ಮನ ಗೆದ್ದರು. ಸಾಂಸ್ಕೃತಿಕ ಕಾರ್ಯಕ್ರಮಗಳು ಭಕ್ತರಿಗೆ ಮುದ ನೀಡಿದವು ಎಂದು ತಿಳಿಸಿದರು.
ಇದೇ ಸಂದರ್ಭದಲ್ಲಿ ಮಂಚೇನಹಳ್ಳಿ ಪೊಲೀಸ್ ಠಾಣೆಯ ಕಾನ್ಸ್‌ಟೇಬಲ್ ಪ್ರಸನ್ನ ಅವರ ಸೇವೆ ಗುರುತಿಸಿ ಸನ್ಮಾನಿಸಲಾಯಿತು.
ಶಿವರಾತ್ರಿ ಪ್ರಯುಕ್ತ ದೇವಾಲಯವನ್ನು ವಿಶೇಷ ಅಲಂಕಾರ, ಪೂಜಾ ಕೈಂಕರ್ಯಗಳು ನಡೆದವು.
ಜೈ ಫೌಂಡೇಶನ್ ಕಾರ್ಯದರ್ಶಿ ಮುಬಾರಕ್, ಟ್ರಸ್ಟಿ ಸುಬ್ರಮಣಿ, ಕೋಲಾರಪ್ಪ, ಗೋಪಾಲ್, ಸುರೇಶ್, ಪ್ರಕಾಶ್, ಚೇತನ್, ಮನೋಹರ್, ಸುನಿಲ್ ಮತ್ತಿತರರು ಹಾಜರಿದ್ದರು.
ಪದ್ಮನಾಭ ನಗರದ ವೈದ್ಯನಾಥೇಶ್ವರ ದೇವಾಲಯದಲ್ಲಿ
ಶಿವರಾತ್ರಿ ವಿಶೇಷ ಪೂಜೆ ಕಾರ್ಯಕ್ರಮ
ಬೆಂಗಳೂರು : ಬೆಂಗಳೂರಿನ ಪದ್ಮನಾಭನಗರದ 15ನೇ ಮುಖ್ಯ ರಸ್ತೆಯಲ್ಲಿರುವ ಶ್ರೀ ವೈದ್ಯನಾಥೇಶ್ವರ ದೇವಸ್ಥಾನದಲ್ಲಿ ಶಿವರಾತ್ರಿ ನಿಮಿತ್ತ ವೈಭವಯುತವಾಗಿ ವಿವಿಧ ಅಭಿಷೇಕ ಮತ್ತು ವಿಶೇಷ ಅಲಂಕಾರ ಪೂಜೆ ಮಾಡಲಾಯಿತು.
ಪ್ರತಿಯೊಬ್ಬ ಭಕ್ತರು ಸ್ವತಃ ಈಶ್ವರನಿಗೆ ಹಾಲಿನ ಅಭಿಷೇಕ ಮಾಡುವ ಅವಕಾಶವನ್ನು ಕಲ್ಪಿಸಲಾಗಿತ್ತು. ಬೆಳಗಿನಿಂದ ರಾತ್ರಿಯವರೆಗೆ ಸುಮಾರು 5000 ಭಕ್ತರು ದೇವರ ದರ್ಶನ ಪಡೆದರು.
ಸಂಜೆ ರಾಜ ಬೀದಿಗಳಲ್ಲಿ ದೇವರ ಉತ್ಸವ ನಡೆಯಿತು. ನಂತರ ಸಾಂಸ್ಕೃತಿಕ ಸಂಗೀತ ಕಾರ್ಯಕ್ರಮ ಏರ್ಪಡಿಸಲಾಗಿತ್ತು.
ಮಾದಕ ವಸ್ತುಗಳ ಸೇವನೆ ಆರೋಗ್ಯಕ್ಕೆ ಹಾನಿಕಾರಕ : ಅರ್ಪಿತಾ ಕೆ.ಜೆ.
ರಾಮನಗರ : ಹೊಗೆ ರಹಿತ ತಂಬಾಕು ಹಾಗೂ ಧೂಮಪಾನ ಸೇವನೆ ಎರಡೂ ಆರೋಗ್ಯಕ್ಕೆ ಹಾನಿಕಾರಕ. ತಂಬಾಕು ಉತ್ಪನ್ನಗಳ ಸೇವನೆಯಿಂದ ಕ್ಯಾನ್ಸರ್ ಸೇರಿದಂತೆ ಹಲವಾರು ಮಾರಕ ಕಾಯಿಲೆಗಳು ಬರುತ್ತವೆ. ಯುವಜನತೆ ದುಶ್ಚಟಗಳಿಂದ ದೂರವಿರಬೇಕು ಎಂದು ಅರ್ಪಿತಾ ಕೆ.ಜೆ. ತಿಳಿಸಿದರು.
ಅವರು ನಿನ್ನೆ ಜಿಲ್ಲಾ ಆರೋಗ್ಯ ಇಲಾಖೆ ವತಿಯಿಂದ ಆಯೋಜಿಸಿದ್ದ ಜಾಗೃತಿ ಕಾರ್ಯಕ್ರಮದಲ್ಲಿ ಮಾತನಾಡಿದರು.
ಪದವಿ ಪೂರ್ವ ಕಾಲೇಜಿನ ಎನ್.ಎಸ್.ಎಸ್. ವಿದ್ಯಾರ್ಥಿಗಳಿಗೆ ಹಮ್ಮಿಕೊಳ್ಳಲಾಗಿದ್ದ ಮಾದಕ ವಸ್ತು ಮುಕ್ತ ಸಮಾಜ ನಿರ್ಮಾಣ ಕುರಿತ ಅರಿವು ಕಾರ್ಯಕ್ರಮ ನಡೆಸಲಾಯಿತು.
ರಾಜ್ಯದಲ್ಲಿ ಪ್ರತಿ ವರ್ಷ ಸಾವಿರಾರು ಜನರು ತಂಬಾಕು ಸೇವನೆಯಿಂದ ಪ್ರಾಣ ಕಳೆದುಕೊಳ್ಳುತ್ತಿದ್ದಾರೆ. ಕೋಟ್ಪಾ ಕಾಯ್ದೆಯನ್ವಯ ಶಾಲಾ ಕಾಲೇಜುಗಳ 100 ಗಜ ವ್ಯಾಪ್ತಿಯಲ್ಲಿ ತಂಬಾಕು ಮಾರಾಟ ನಿಷೇಧಿಸಲಾಗಿದೆ.
ಹಾಗೂ ಜನರ ಜೀವಕ್ಕೆ ಹಾನಿಕಾರಕವಾಗಿರುವ ಮಾದಕ ವಸ್ತುಗಳ ಮಾರಾಟದ ಬಗ್ಗೆ ಮಾಹಿತಿ ನೀಡಬೇಕು. ತಂಬಾಕು ಚಟವನ್ನು ಬಿಡಿಸಲು ಜಿಲ್ಲಾಸ್ಪತ್ರೆಯಲ್ಲಿ ವ್ಯಸನ ಮುಕ್ತ ಕೇಂದ್ರ ತೆರೆಯಲಾಗಿದೆ. ಈ ಸೌಲಭ್ಯವನ್ನು ಸದುಪಯೋಗಪಡಿಸಿಕೊಳ್ಳಬೇಕು ಎಂದು ಸಲಹೆ ನೀಡಿದರು.
